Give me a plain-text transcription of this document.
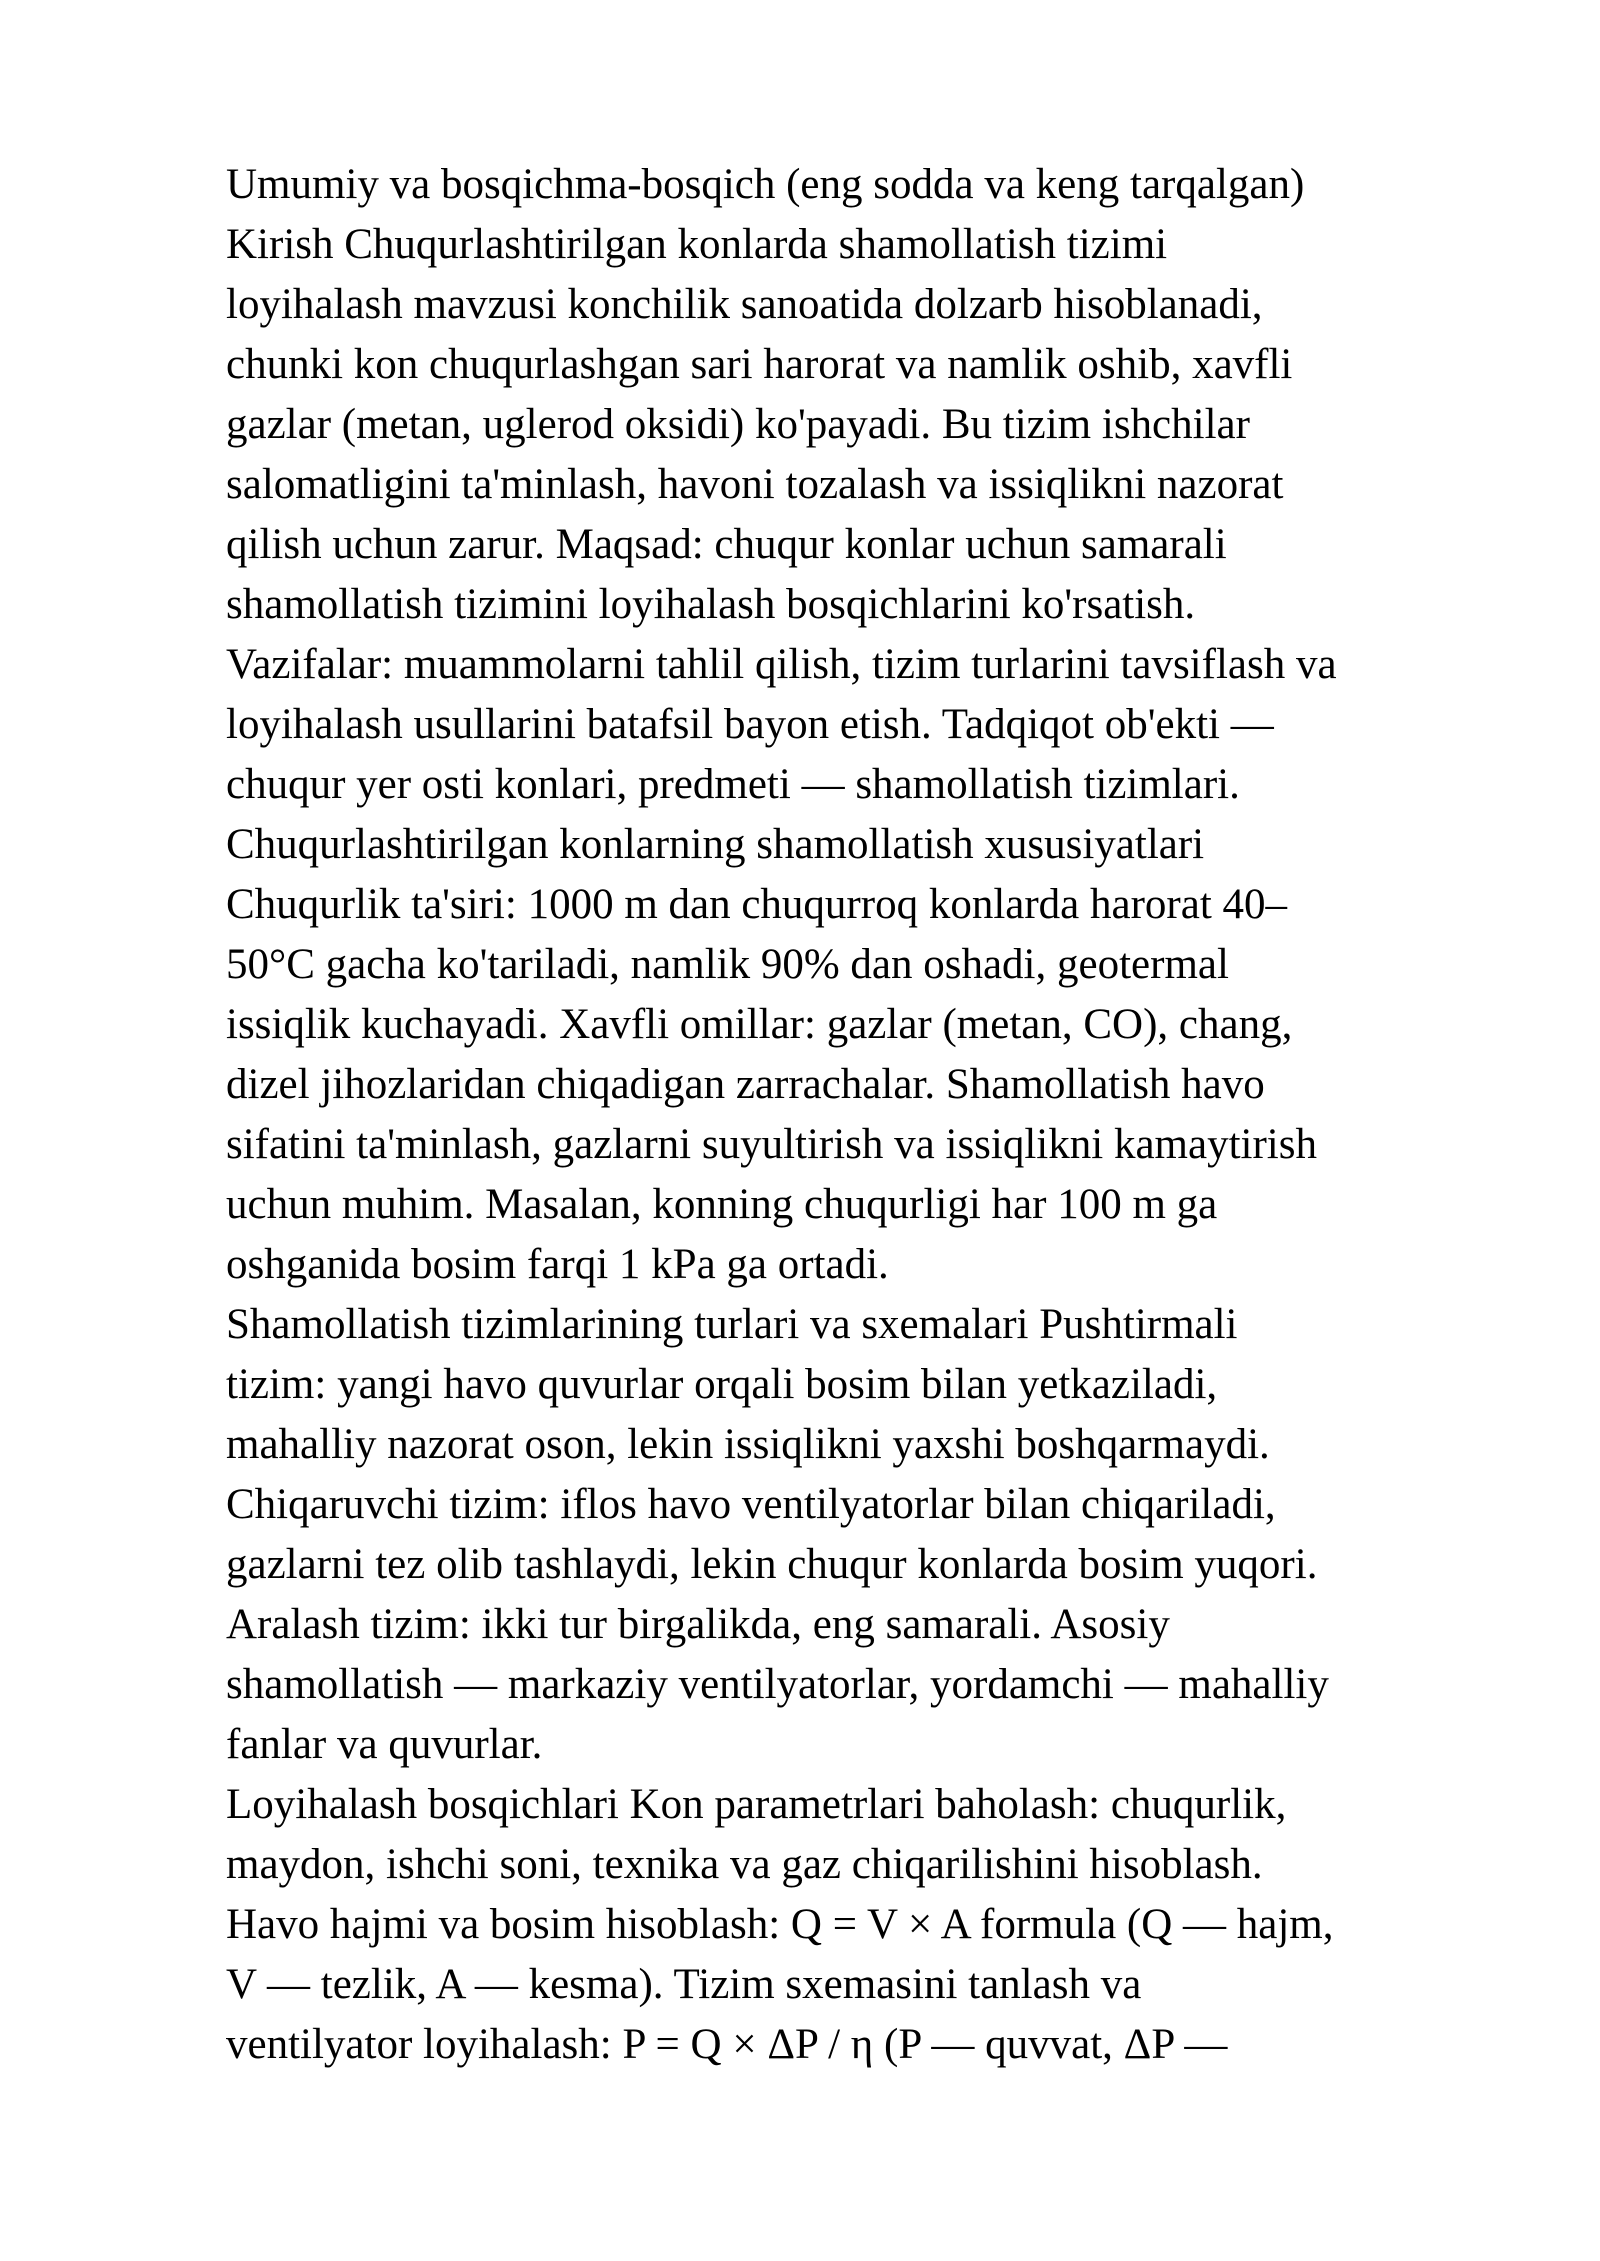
Umumiy va bosqichma-bosqich (eng sodda va keng tarqalgan)
Kirish Chuqurlashtirilgan konlarda shamollatish tizimi
loyihalash mavzusi konchilik sanoatida dolzarb hisoblanadi,
chunki kon chuqurlashgan sari harorat va namlik oshib, xavfli
gazlar (metan, uglerod oksidi) ko'payadi. Bu tizim ishchilar
salomatligini ta'minlash, havoni tozalash va issiqlikni nazorat
qilish uchun zarur. Maqsad: chuqur konlar uchun samarali
shamollatish tizimini loyihalash bosqichlarini ko'rsatish.
Vazifalar: muammolarni tahlil qilish, tizim turlarini tavsiflash va
loyihalash usullarini batafsil bayon etish. Tadqiqot ob'ekti —
chuqur yer osti konlari, predmeti — shamollatish tizimlari.
Chuqurlashtirilgan konlarning shamollatish xususiyatlari
Chuqurlik ta'siri: 1000 m dan chuqurroq konlarda harorat 40–
50°C gacha ko'tariladi, namlik 90% dan oshadi, geotermal
issiqlik kuchayadi. Xavfli omillar: gazlar (metan, CO), chang,
dizel jihozlaridan chiqadigan zarrachalar. Shamollatish havo
sifatini ta'minlash, gazlarni suyultirish va issiqlikni kamaytirish
uchun muhim. Masalan, konning chuqurligi har 100 m ga
oshganida bosim farqi 1 kPa ga ortadi.
Shamollatish tizimlarining turlari va sxemalari Pushtirmali
tizim: yangi havo quvurlar orqali bosim bilan yetkaziladi,
mahalliy nazorat oson, lekin issiqlikni yaxshi boshqarmaydi.
Chiqaruvchi tizim: iflos havo ventilyatorlar bilan chiqariladi,
gazlarni tez olib tashlaydi, lekin chuqur konlarda bosim yuqori.
Aralash tizim: ikki tur birgalikda, eng samarali. Asosiy
shamollatish — markaziy ventilyatorlar, yordamchi — mahalliy
fanlar va quvurlar.
Loyihalash bosqichlari Kon parametrlari baholash: chuqurlik,
maydon, ishchi soni, texnika va gaz chiqarilishini hisoblash.
Havo hajmi va bosim hisoblash: Q = V × A formula (Q — hajm,
V — tezlik, A — kesma). Tizim sxemasini tanlash va
ventilyator loyihalash: P = Q × ΔP / η (P — quvvat, ΔP —
